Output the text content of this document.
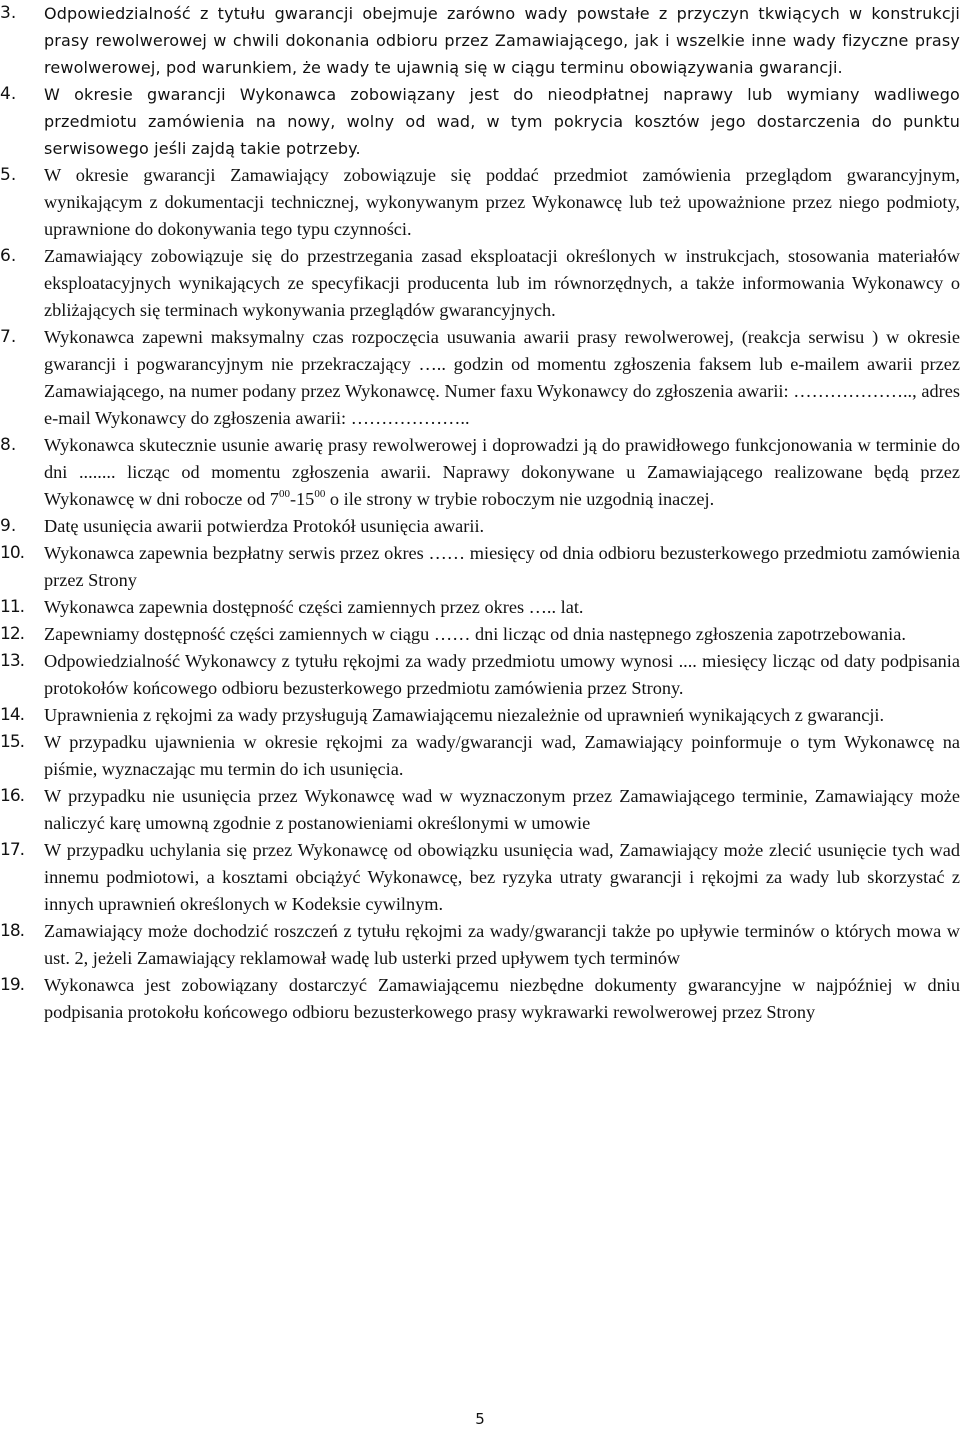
3.	Odpowiedzialność z tytułu gwarancji obejmuje zarówno wady powstałe z przyczyn tkwiących w konstrukcji prasy rewolwerowej w chwili dokonania odbioru przez Zamawiającego, jak i wszelkie inne wady fizyczne prasy rewolwerowej, pod warunkiem, że wady te ujawnią się w ciągu terminu obowiązywania gwarancji.

4.	W okresie gwarancji Wykonawca zobowiązany jest do nieodpłatnej naprawy lub wymiany wadliwego przedmiotu zamówienia na nowy, wolny od wad, w tym pokrycia kosztów jego dostarczenia do punktu serwisowego jeśli zajdą takie potrzeby.

5.	W okresie gwarancji Zamawiający zobowiązuje się poddać przedmiot zamówienia przeglądom gwarancyjnym, wynikającym z dokumentacji technicznej, wykonywanym przez Wykonawcę lub też upoważnione przez niego podmioty, uprawnione do dokonywania tego typu czynności.

6.	Zamawiający zobowiązuje się do przestrzegania zasad eksploatacji określonych w instrukcjach, stosowania materiałów eksploatacyjnych wynikających ze specyfikacji producenta lub im równorzędnych, a także informowania Wykonawcy o zbliżających się terminach wykonywania przeglądów gwarancyjnych.

7.	Wykonawca zapewni maksymalny czas rozpoczęcia usuwania awarii prasy rewolwerowej, (reakcja serwisu ) w okresie gwarancji i pogwarancyjnym nie przekraczający ….. godzin od momentu zgłoszenia faksem lub e-mailem awarii przez Zamawiającego, na numer podany przez Wykonawcę. Numer faxu Wykonawcy do zgłoszenia awarii: ……………….., adres e-mail Wykonawcy do zgłoszenia awarii: ………………..

8.	Wykonawca skutecznie usunie awarię prasy rewolwerowej i doprowadzi ją do prawidłowego funkcjonowania w terminie do dni ........ licząc od momentu zgłoszenia awarii. Naprawy dokonywane u Zamawiającego realizowane będą przez Wykonawcę w dni robocze od $7^{00}-15^{00}$ o ile strony w trybie roboczym nie uzgodnią inaczej.

9.	Datę usunięcia awarii potwierdza Protokół usunięcia awarii.

10.	Wykonawca zapewnia bezpłatny serwis przez okres …… miesięcy od dnia odbioru bezusterkowego przedmiotu zamówienia przez Strony

11.	Wykonawca zapewnia dostępność części zamiennych przez okres ….. lat.

12.	Zapewniamy dostępność części zamiennych w ciągu …… dni licząc od dnia następnego zgłoszenia zapotrzebowania.

13.	Odpowiedzialność Wykonawcy z tytułu rękojmi za wady przedmiotu umowy wynosi .... miesięcy licząc od daty podpisania protokołów końcowego odbioru bezusterkowego przedmiotu zamówienia przez Strony.

14.	Uprawnienia z rękojmi za wady przysługują Zamawiającemu niezależnie od uprawnień wynikających z gwarancji.

15.	W przypadku ujawnienia w okresie rękojmi za wady/gwarancji wad, Zamawiający poinformuje o tym Wykonawcę na piśmie, wyznaczając mu termin do ich usunięcia.

16.	W przypadku nie usunięcia przez Wykonawcę wad w wyznaczonym przez Zamawiającego terminie, Zamawiający może naliczyć karę umowną zgodnie z postanowieniami określonymi w umowie

17.	W przypadku uchylania się przez Wykonawcę od obowiązku usunięcia wad, Zamawiający może zlecić usunięcie tych wad innemu podmiotowi, a kosztami obciążyć Wykonawcę, bez ryzyka utraty gwarancji i rękojmi za wady lub skorzystać z innych uprawnień określonych w Kodeksie cywilnym.

18.	Zamawiający może dochodzić roszczeń z tytułu rękojmi za wady/gwarancji także po upływie terminów o których mowa w ust. 2, jeżeli Zamawiający reklamował wadę lub usterki przed upływem tych terminów

19.	Wykonawca jest zobowiązany dostarczyć Zamawiającemu niezbędne dokumenty gwarancyjne w najpóźniej w dniu podpisania protokołu końcowego odbioru bezusterkowego prasy wykrawarki rewolwerowej przez Strony

5
